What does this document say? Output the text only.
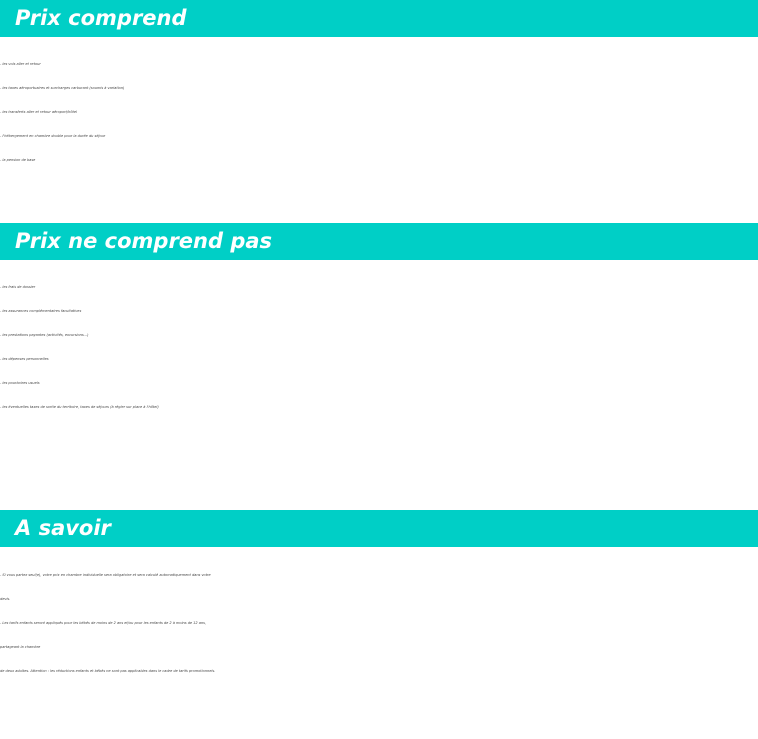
Prix comprend
- les vols aller et retour
- les taxes aéroportuaires et surcharges carburant (soumis à variation)
- les transferts aller et retour aéroport/hôtel
- l'hébergement en chambre double pour la durée du séjour
- la pension de base
Prix ne comprend pas
- les frais de dossier
- les assurances complémentaires facultatives
- les prestations payantes (activités, excursions…)
- les dépenses personnelles
- les pourboires usuels
- les éventuelles taxes de sortie du territoire, taxes de séjours (à régler sur place à l'hôtel)
A savoir
- Si vous partez seul(e), votre prix en chambre individuelle sera obligatoire et sera calculé automatiquement dans votre
devis.
- Les tarifs enfants seront appliqués pour les bébés de moins de 2 ans et/ou pour les enfants de 2 à moins de 12 ans,
partageant la chambre
de deux adultes. Attention : les réductions enfants et bébés ne sont pas applicables dans le cadre de tarifs promotionnels.
